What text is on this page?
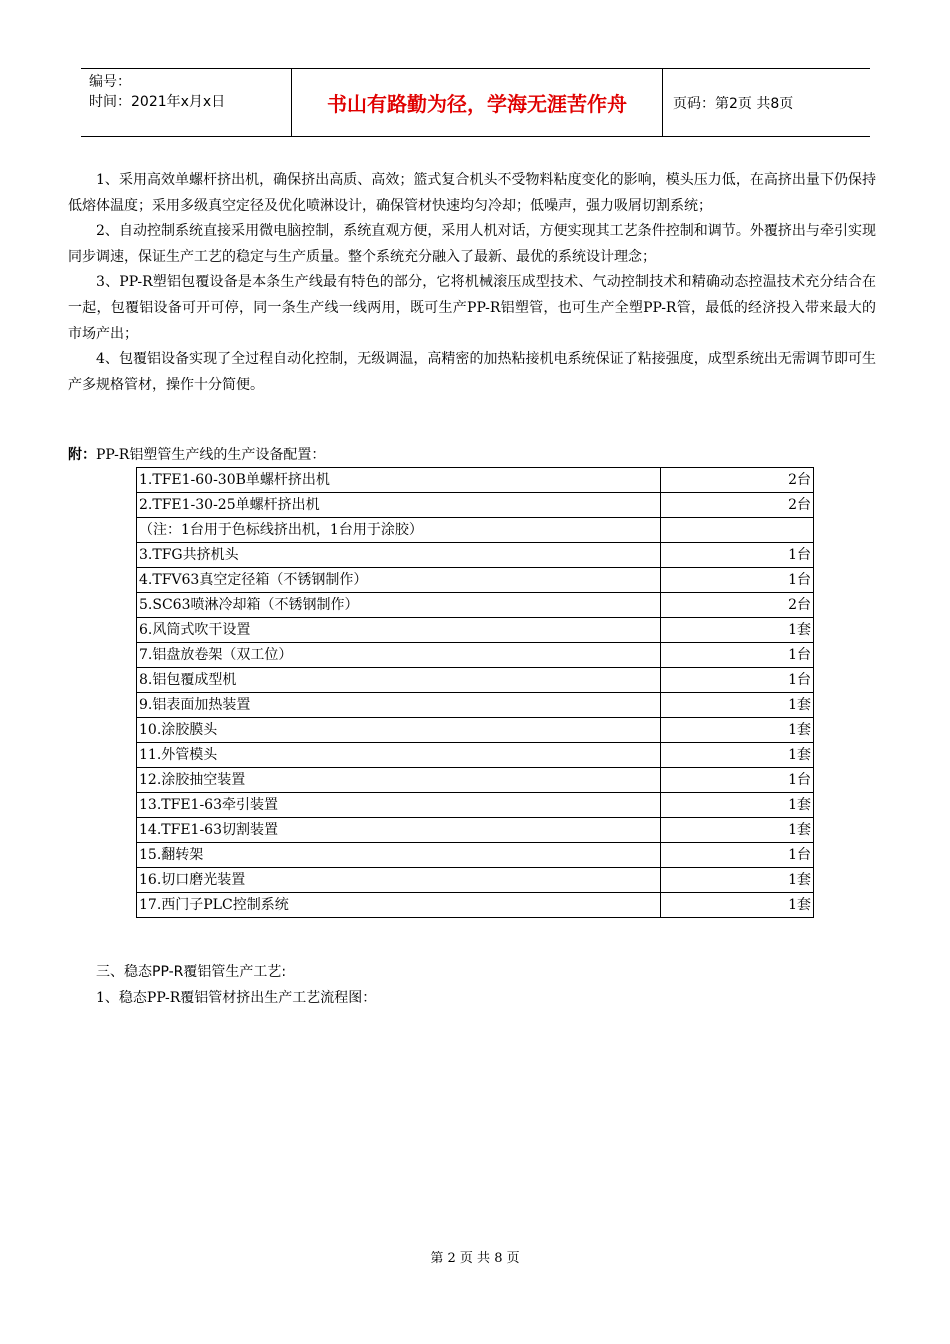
编号：
时间：2021年x月x日	书山有路勤为径，学海无涯苦作舟	页码：第2页 共8页

1、采用高效单螺杆挤出机，确保挤出高质、高效；篮式复合机头不受物料粘度变化的影响，模头压力低，在高挤出量下仍保持低熔体温度；采用多级真空定径及优化喷淋设计，确保管材快速均匀冷却；低噪声，强力吸屑切割系统；

2、自动控制系统直接采用微电脑控制，系统直观方便，采用人机对话，方便实现其工艺条件控制和调节。外覆挤出与牵引实现同步调速，保证生产工艺的稳定与生产质量。整个系统充分融入了最新、最优的系统设计理念；

3、PP-R塑铝包覆设备是本条生产线最有特色的部分，它将机械滚压成型技术、气动控制技术和精确动态控温技术充分结合在一起，包覆铝设备可开可停，同一条生产线一线两用，既可生产PP-R铝塑管，也可生产全塑PP-R管，最低的经济投入带来最大的市场产出；

4、包覆铝设备实现了全过程自动化控制，无级调温，高精密的加热粘接机电系统保证了粘接强度，成型系统出无需调节即可生产多规格管材，操作十分简便。

附：PP-R铝塑管生产线的生产设备配置：
1.TFE1-60-30B单螺杆挤出机	2台
2.TFE1-30-25单螺杆挤出机	2台
（注：1台用于色标线挤出机，1台用于涂胶）	
3.TFG共挤机头	1台
4.TFV63真空定径箱（不锈钢制作）	1台
5.SC63喷淋冷却箱（不锈钢制作）	2台
6.风筒式吹干设置	1套
7.铝盘放卷架（双工位）	1台
8.铝包覆成型机	1台
9.铝表面加热装置	1套
10.涂胶膜头	1套
11.外管模头	1套
12.涂胶抽空装置	1台
13.TFE1-63牵引装置	1套
14.TFE1-63切割装置	1套
15.翻转架	1台
16.切口磨光装置	1套
17.西门子PLC控制系统	1套
三、稳态PP-R覆铝管生产工艺:
1、稳态PP-R覆铝管材挤出生产工艺流程图：
第 2 页 共 8 页
